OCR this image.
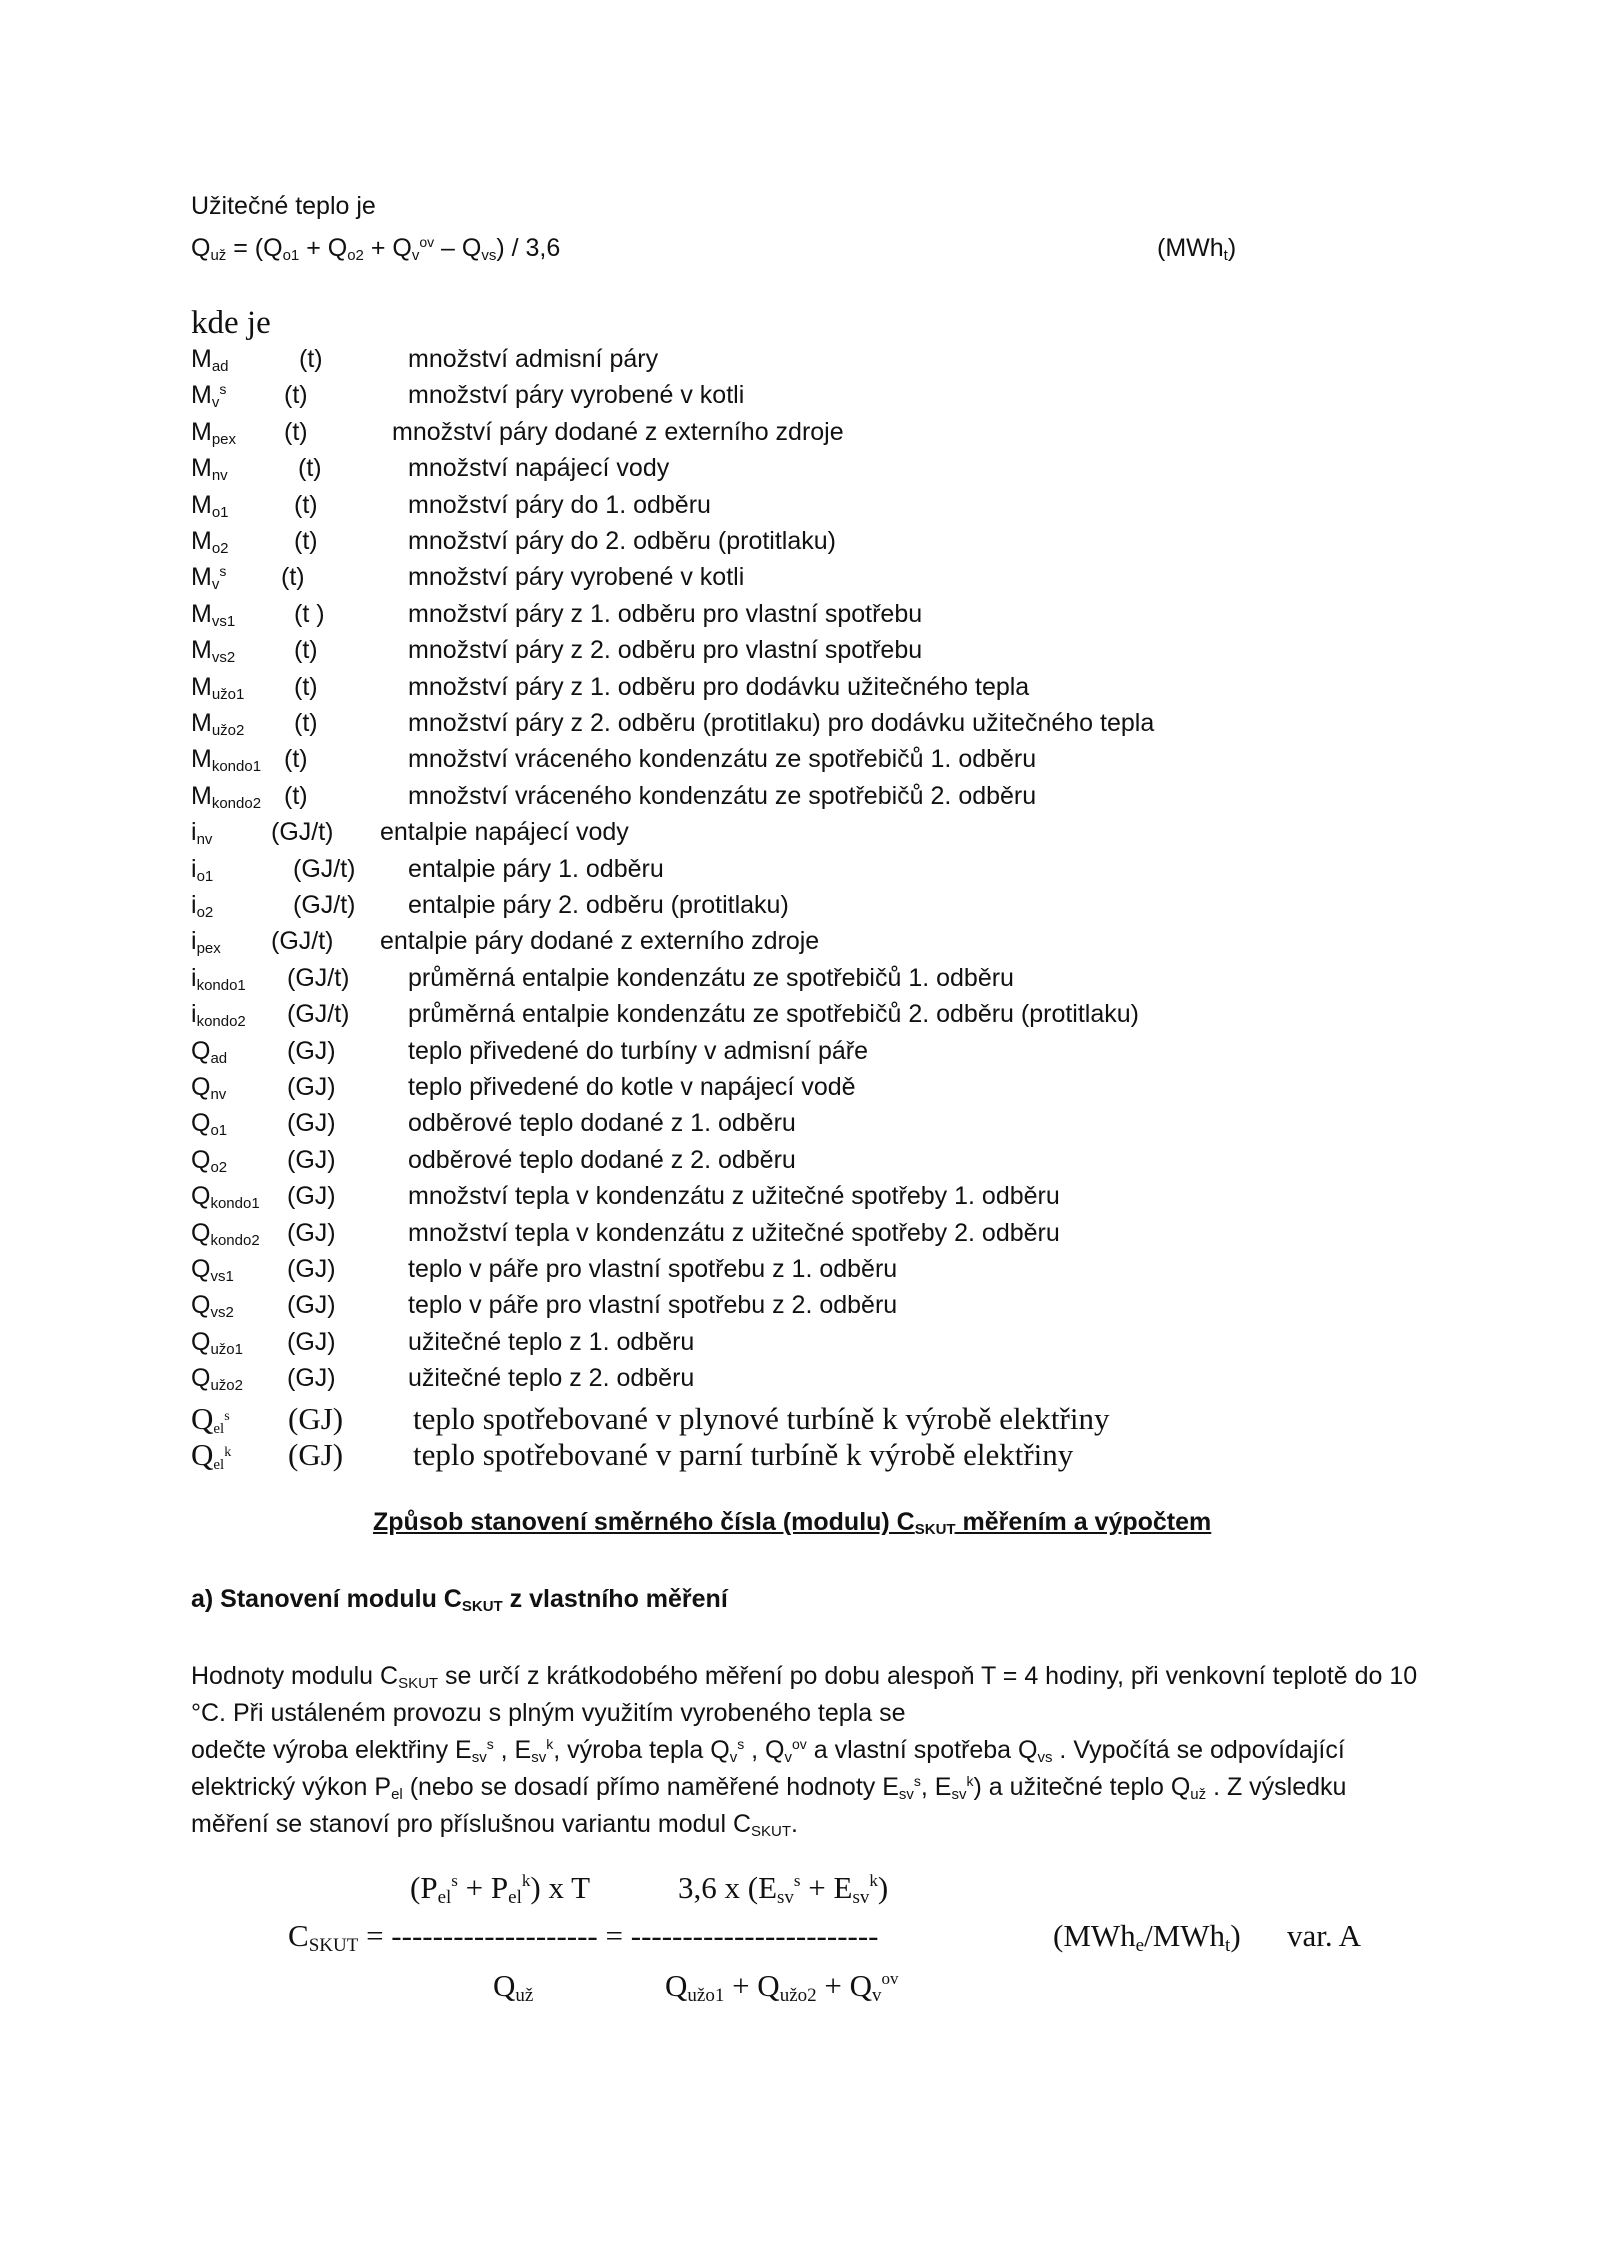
Užitečné teplo je
$Q_{už} = (Q_{o1} + Q_{o2} + Q_v^{ov} - Q_{vs}) / 3,6$	(MWh$_t$)
kde je
$M_{ad}$	(t)	množství admisní páry
$M_v^s$ (t)	množství páry vyrobené v kotli
$M_{pex}$ (t)	množství páry dodané z externího zdroje
$M_{nv}$	(t)	množství napájecí vody
$M_{o1}$	(t)	množství páry do 1. odběru
$M_{o2}$	(t)	množství páry do 2. odběru (protitlaku)
$M_v^s$ (t)	množství páry vyrobené v kotli
$M_{vs1}$ (t )	množství páry z 1. odběru pro vlastní spotřebu
$M_{vs2}$ (t)	množství páry z 2. odběru pro vlastní spotřebu
$M_{užo1}$ (t)	množství páry z 1. odběru pro dodávku užitečného tepla
$M_{užo2}$ (t)	množství páry z 2. odběru (protitlaku) pro dodávku užitečného tepla
$M_{kondo1}$ (t)	množství vráceného kondenzátu ze spotřebičů 1. odběru
$M_{kondo2}$ (t)	množství vráceného kondenzátu ze spotřebičů 2. odběru
$i_{nv}$ (GJ/t) entalpie napájecí vody
$i_{o1}$	(GJ/t) entalpie páry 1. odběru
$i_{o2}$	(GJ/t) entalpie páry 2. odběru (protitlaku)
$i_{pex}$ (GJ/t) entalpie páry dodané z externího zdroje
$i_{kondo1}$ (GJ/t) průměrná entalpie kondenzátu ze spotřebičů 1. odběru
$i_{kondo2}$ (GJ/t) průměrná entalpie kondenzátu ze spotřebičů 2. odběru (protitlaku)
$Q_{ad}$ (GJ)	teplo přivedené do turbíny v admisní páře
$Q_{nv}$ (GJ)	teplo přivedené do kotle v napájecí vodě
$Q_{o1}$ (GJ)	odběrové teplo dodané z 1. odběru
$Q_{o2}$ (GJ)	odběrové teplo dodané z 2. odběru
$Q_{kondo1}$ (GJ)	množství tepla v kondenzátu z užitečné spotřeby 1. odběru
$Q_{kondo2}$ (GJ)	množství tepla v kondenzátu z užitečné spotřeby 2. odběru
$Q_{vs1}$ (GJ)	teplo v páře pro vlastní spotřebu z 1. odběru
$Q_{vs2}$ (GJ)	teplo v páře pro vlastní spotřebu z 2. odběru
$Q_{užo1}$ (GJ)	užitečné teplo z 1. odběru
$Q_{užo2}$ (GJ)	užitečné teplo z 2. odběru
$Q_{el}^s$ (GJ) teplo spotřebované v plynové turbíně k výrobě elektřiny
$Q_{el}^k$ (GJ) teplo spotřebované v parní turbíně k výrobě elektřiny
Způsob stanovení směrného čísla (modulu) $C_{SKUT}$ měřením a výpočtem
a) Stanovení modulu $C_{SKUT}$ z vlastního měření
Hodnoty modulu $C_{SKUT}$ se určí z krátkodobého měření po dobu alespoň T = 4 hodiny, při venkovní teplotě do 10 °C. Při ustáleném provozu s plným využitím vyrobeného tepla se
odečte výroba elektřiny $E_{sv}^s$ , $E_{sv}^k$, výroba tepla $Q_v^s$ , $Q_v^{ov}$ a vlastní spotřeba $Q_{vs}$ . Vypočítá se odpovídající elektrický výkon $P_{el}$ (nebo se dosadí přímo naměřené hodnoty $E_{sv}^s$, $E_{sv}^k$) a užitečné teplo $Q_{už}$ . Z výsledku měření se stanoví pro příslušnou variantu modul $C_{SKUT}$.
$(P_{el}^s + P_{el}^k)$ x T	3,6 x $(E_{sv}^s + E_{sv}^k)$
$C_{SKUT}$ = -------------------- = ------------------------	(MWh$_e$/MWh$_t$) var. A
$Q_{už}$	$Q_{užo1} + Q_{užo2} + Q_v^{ov}$
